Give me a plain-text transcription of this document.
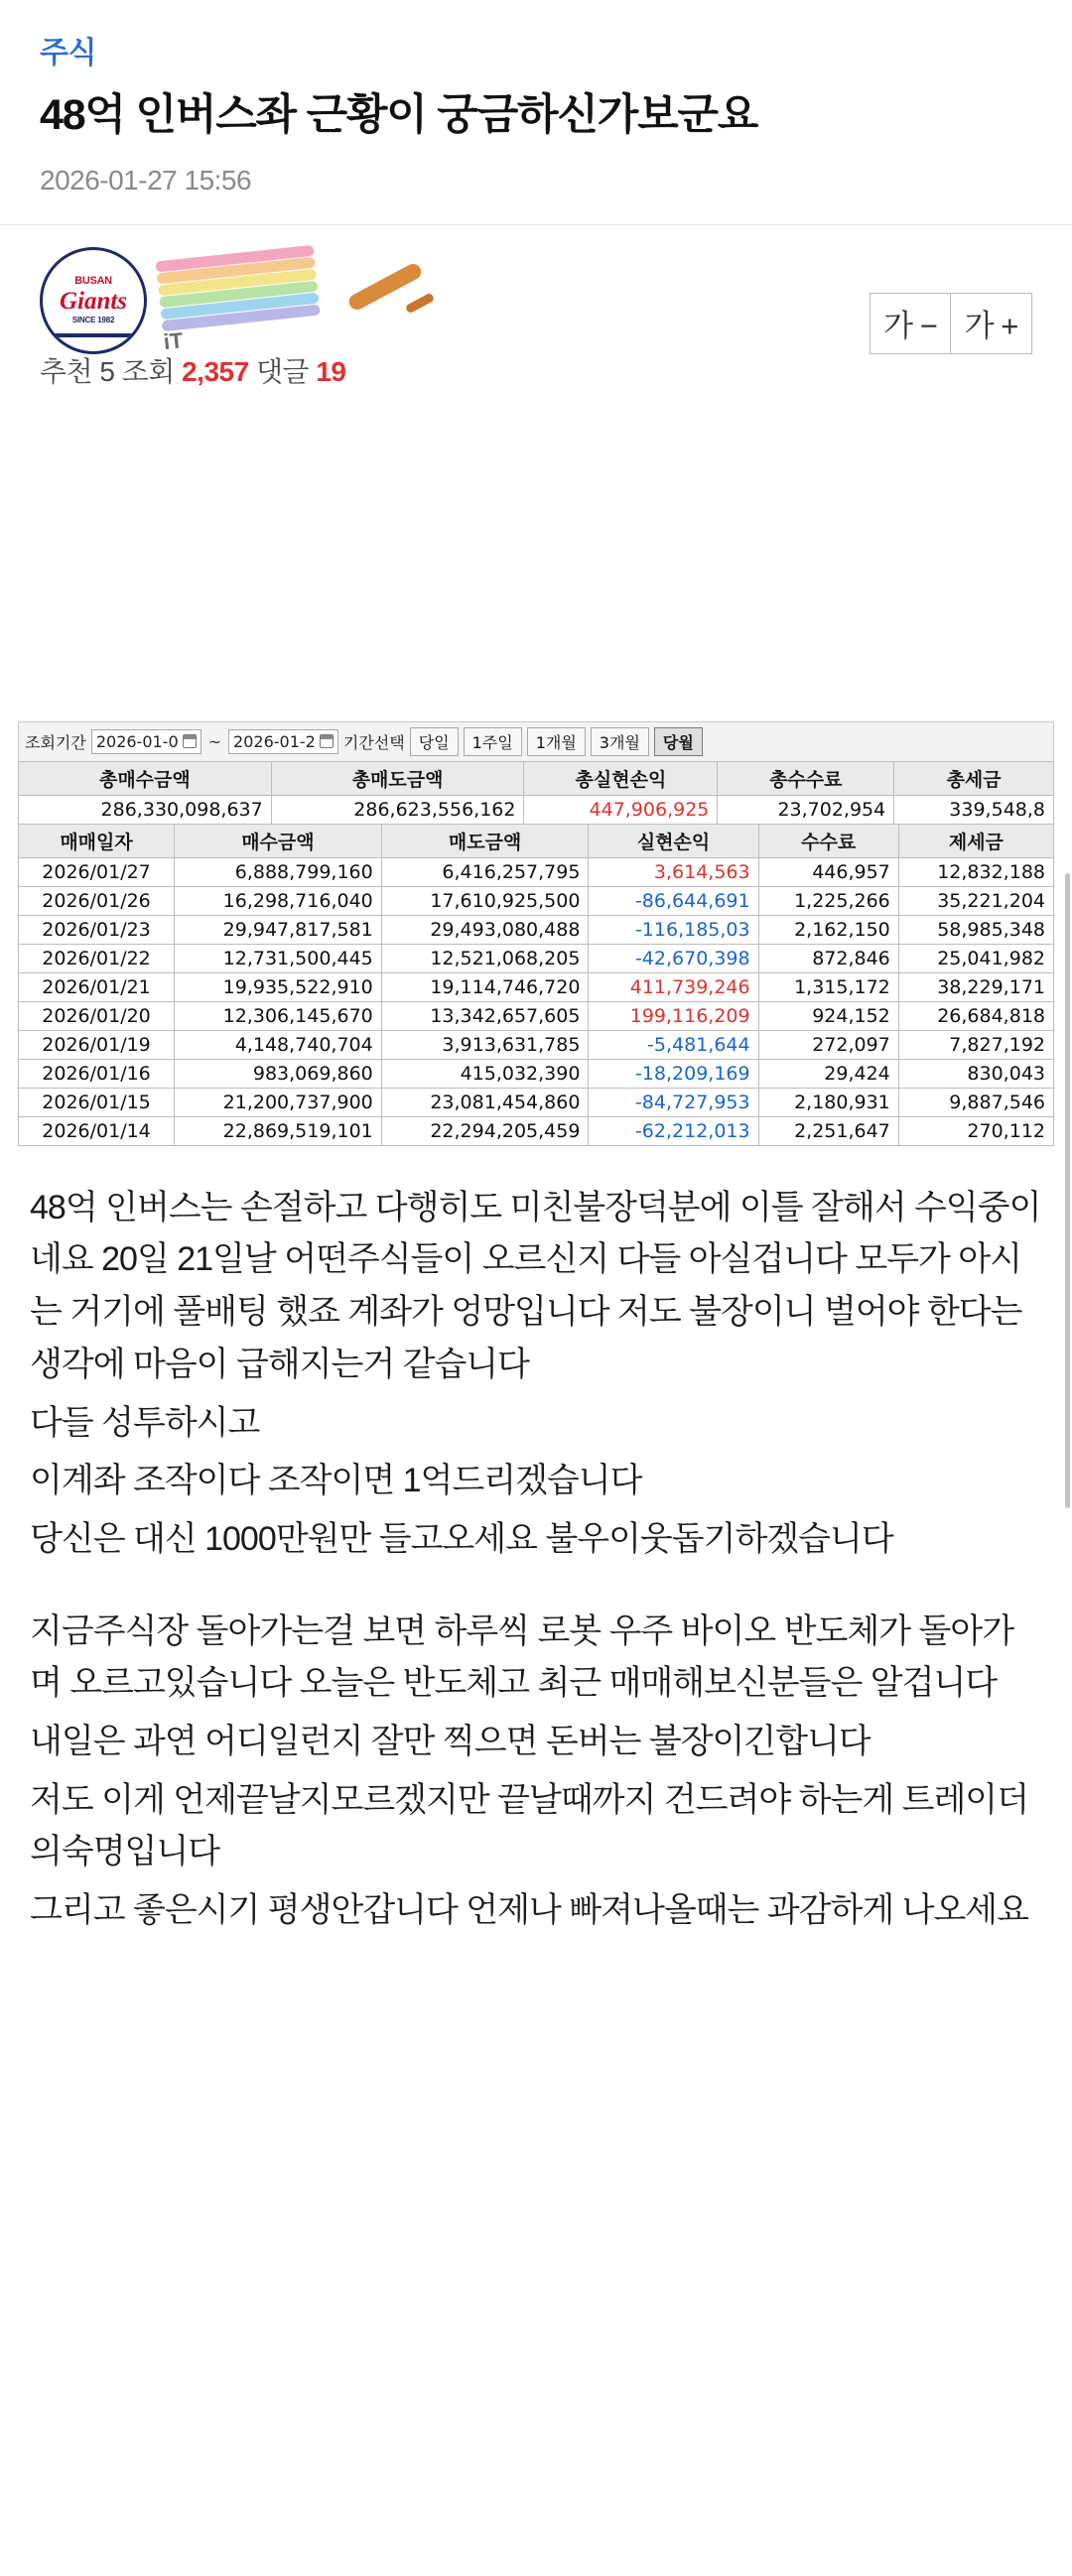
주식
48억 인버스좌 근황이 궁금하신가보군요
2026-01-27 15:56
BUSAN
Giants
SINCE 1982
iT
추천 5 조회 2,357 댓글 19
가 − 가 +
조회기간 2026-01-0 ~ 2026-01-2 기간선택 당일	1주일	1개월	3개월	당월
총매수금액	총매도금액	총실현손익	총수수료	총세금
286,330,098,637	286,623,556,162	447,906,925	23,702,954	339,548,8
매매일자	매수금액	매도금액	실현손익	수수료	제세금
2026/01/27	6,888,799,160	6,416,257,795	3,614,563	446,957	12,832,188
2026/01/26	16,298,716,040	17,610,925,500	-86,644,691	1,225,266	35,221,204
2026/01/23	29,947,817,581	29,493,080,488	-116,185,03	2,162,150	58,985,348
2026/01/22	12,731,500,445	12,521,068,205	-42,670,398	872,846	25,041,982
2026/01/21	19,935,522,910	19,114,746,720	411,739,246	1,315,172	38,229,171
2026/01/20	12,306,145,670	13,342,657,605	199,116,209	924,152	26,684,818
2026/01/19	4,148,740,704	3,913,631,785	-5,481,644	272,097	7,827,192
2026/01/16	983,069,860	415,032,390	-18,209,169	29,424	830,043
2026/01/15	21,200,737,900	23,081,454,860	-84,727,953	2,180,931	9,887,546
2026/01/14	22,869,519,101	22,294,205,459	-62,212,013	2,251,647	270,112

48억 인버스는 손절하고 다행히도 미친불장덕분에 이틀 잘해서 수익중이네요 20일 21일날 어떤주식들이 오르신지 다들 아실겁니다 모두가 아시는 거기에 풀배팅 했죠 계좌가 엉망입니다 저도 불장이니 벌어야 한다는 생각에 마음이 급해지는거 같습니다

다들 성투하시고

이계좌 조작이다 조작이면 1억드리겠습니다

당신은 대신 1000만원만 들고오세요 불우이웃돕기하겠습니다

지금주식장 돌아가는걸 보면 하루씩 로봇 우주 바이오 반도체가 돌아가며 오르고있습니다 오늘은 반도체고 최근 매매해보신분들은 알겁니다

내일은 과연 어디일런지 잘만 찍으면 돈버는 불장이긴합니다

저도 이게 언제끝날지모르겠지만 끝날때까지 건드려야 하는게 트레이더의숙명입니다

그리고 좋은시기 평생안갑니다 언제나 빠져나올때는 과감하게 나오세요
